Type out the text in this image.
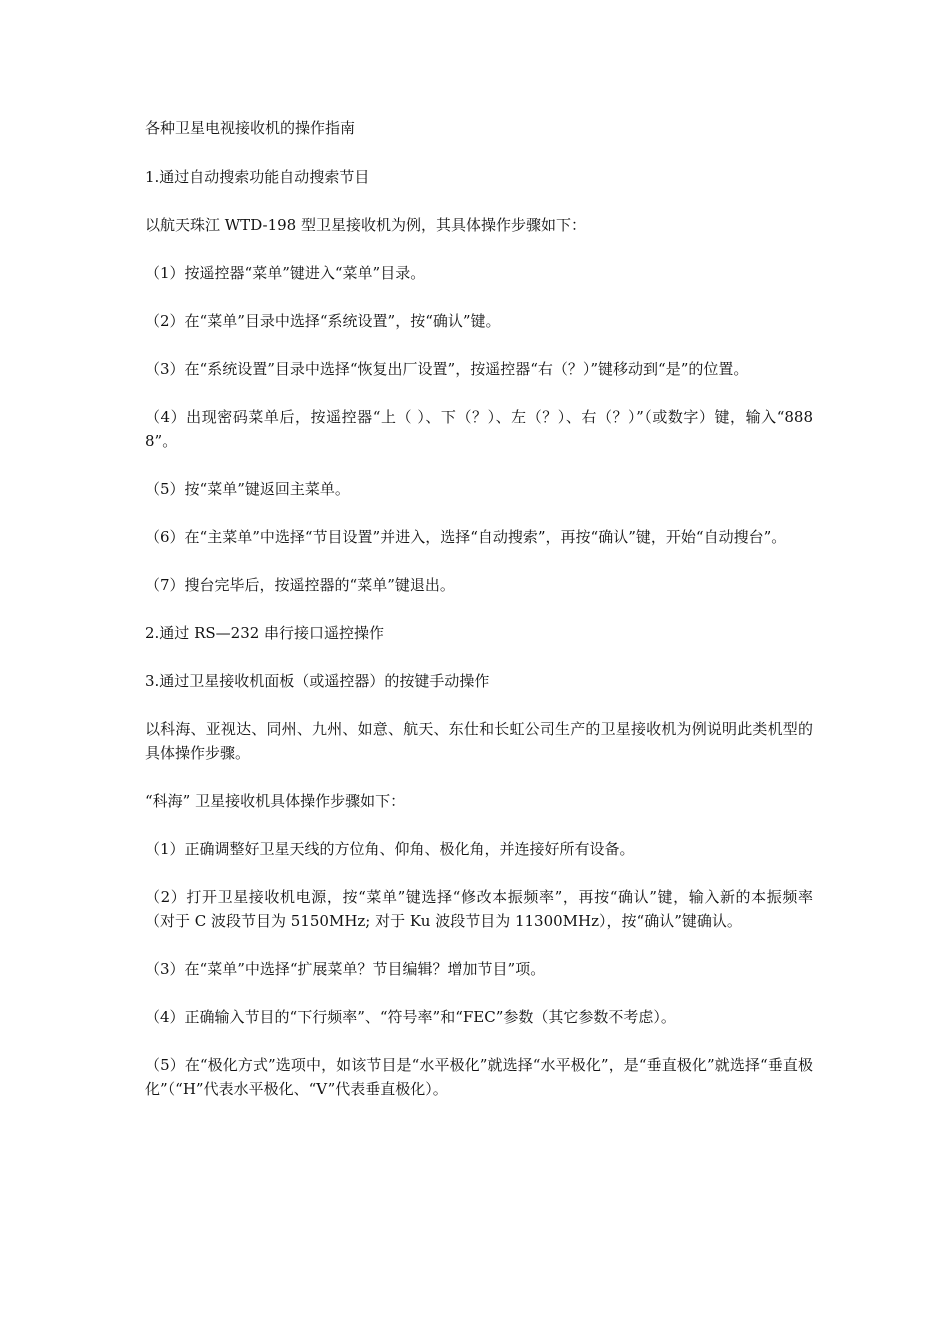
各种卫星电视接收机的操作指南

1.通过自动搜索功能自动搜索节目

以航天珠江 WTD-198 型卫星接收机为例，其具体操作步骤如下：

（1）按遥控器“菜单”键进入“菜单”目录。

（2）在“菜单”目录中选择“系统设置”，按“确认”键。

（3）在“系统设置”目录中选择“恢复出厂设置”，按遥控器“右（？）”键移动到“是”的位置。

（4）出现密码菜单后，按遥控器“上（ ）、下（？）、左（？）、右（？）”（或数字）键，输入“8888”。

（5）按“菜单”键返回主菜单。

（6）在“主菜单”中选择“节目设置”并进入，选择“自动搜索”，再按“确认”键，开始“自动搜台”。

（7）搜台完毕后，按遥控器的“菜单”键退出。

2.通过 RS—232 串行接口遥控操作

3.通过卫星接收机面板（或遥控器）的按键手动操作

以科海、亚视达、同州、九州、如意、航天、东仕和长虹公司生产的卫星接收机为例说明此类机型的具体操作步骤。

“科海” 卫星接收机具体操作步骤如下：

（1）正确调整好卫星天线的方位角、仰角、极化角，并连接好所有设备。

（2）打开卫星接收机电源，按“菜单”键选择“修改本振频率”，再按“确认”键，输入新的本振频率（对于 C 波段节目为 5150MHz; 对于 Ku 波段节目为 11300MHz），按“确认”键确认。

（3）在“菜单”中选择“扩展菜单？节目编辑？增加节目”项。

（4）正确输入节目的“下行频率”、“符号率”和“FEC”参数（其它参数不考虑）。

（5）在“极化方式”选项中，如该节目是“水平极化”就选择“水平极化”，是“垂直极化”就选择“垂直极化”（“H”代表水平极化、“V”代表垂直极化）。
